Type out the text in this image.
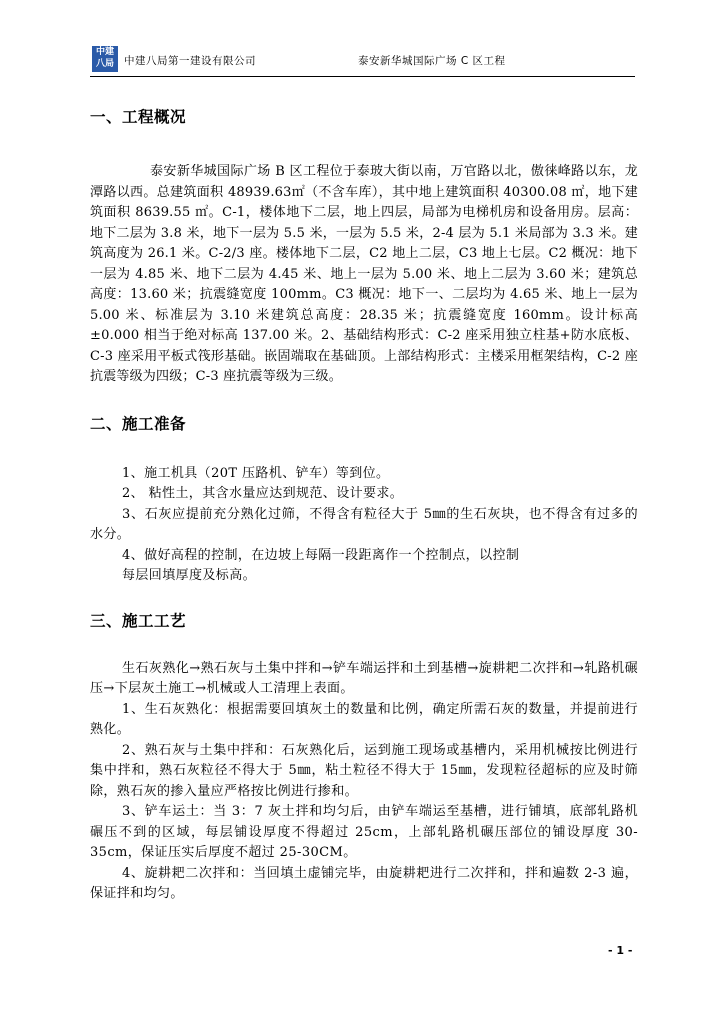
中建
八局 中建八局第一建设有限公司	泰安新华城国际广场 C 区工程
一、工程概况

泰安新华城国际广场 B 区工程位于泰玻大街以南，万官路以北，傲徕峰路以东，龙潭路以西。总建筑面积 48939.63㎡（不含车库），其中地上建筑面积 40300.08 ㎡，地下建筑面积 8639.55 ㎡。C-1，楼体地下二层，地上四层，局部为电梯机房和设备用房。层高：地下二层为 3.8 米，地下一层为 5.5 米，一层为 5.5 米，2-4 层为 5.1 米局部为 3.3 米。建筑高度为 26.1 米。C-2/3 座。楼体地下二层，C2 地上二层，C3 地上七层。C2 概况：地下一层为 4.85 米、地下二层为 4.45 米、地上一层为 5.00 米、地上二层为 3.60 米；建筑总高度：13.60 米；抗震缝宽度 100mm。C3 概况：地下一、二层均为 4.65 米、地上一层为 5.00 米、标准层为 3.10 米建筑总高度：28.35 米；抗震缝宽度 160mm。设计标高±0.000 相当于绝对标高 137.00 米。2、基础结构形式：C-2 座采用独立柱基+防水底板、C-3 座采用平板式筏形基础。嵌固端取在基础顶。上部结构形式：主楼采用框架结构，C-2 座抗震等级为四级；C-3 座抗震等级为三级。

二、施工准备

1、施工机具（20T 压路机、铲车）等到位。

2、 粘性土，其含水量应达到规范、设计要求。

3、石灰应提前充分熟化过筛，不得含有粒径大于 5㎜的生石灰块，也不得含有过多的水分。

4、做好高程的控制，在边坡上每隔一段距离作一个控制点，以控制

每层回填厚度及标高。

三、施工工艺

生石灰熟化→熟石灰与土集中拌和→铲车端运拌和土到基槽→旋耕耙二次拌和→轧路机碾压→下层灰土施工→机械或人工清理上表面。

1、生石灰熟化：根据需要回填灰土的数量和比例，确定所需石灰的数量，并提前进行熟化。

2、熟石灰与土集中拌和：石灰熟化后，运到施工现场或基槽内，采用机械按比例进行集中拌和，熟石灰粒径不得大于 5㎜，粘土粒径不得大于 15㎜，发现粒径超标的应及时筛除，熟石灰的掺入量应严格按比例进行掺和。

3、铲车运土：当 3：7 灰土拌和均匀后，由铲车端运至基槽，进行铺填，底部轧路机碾压不到的区域，每层铺设厚度不得超过 25cm，上部轧路机碾压部位的铺设厚度 30-35cm，保证压实后厚度不超过 25-30CM。

4、旋耕耙二次拌和：当回填土虚铺完毕，由旋耕耙进行二次拌和，拌和遍数 2-3 遍，保证拌和均匀。

- 1 -
